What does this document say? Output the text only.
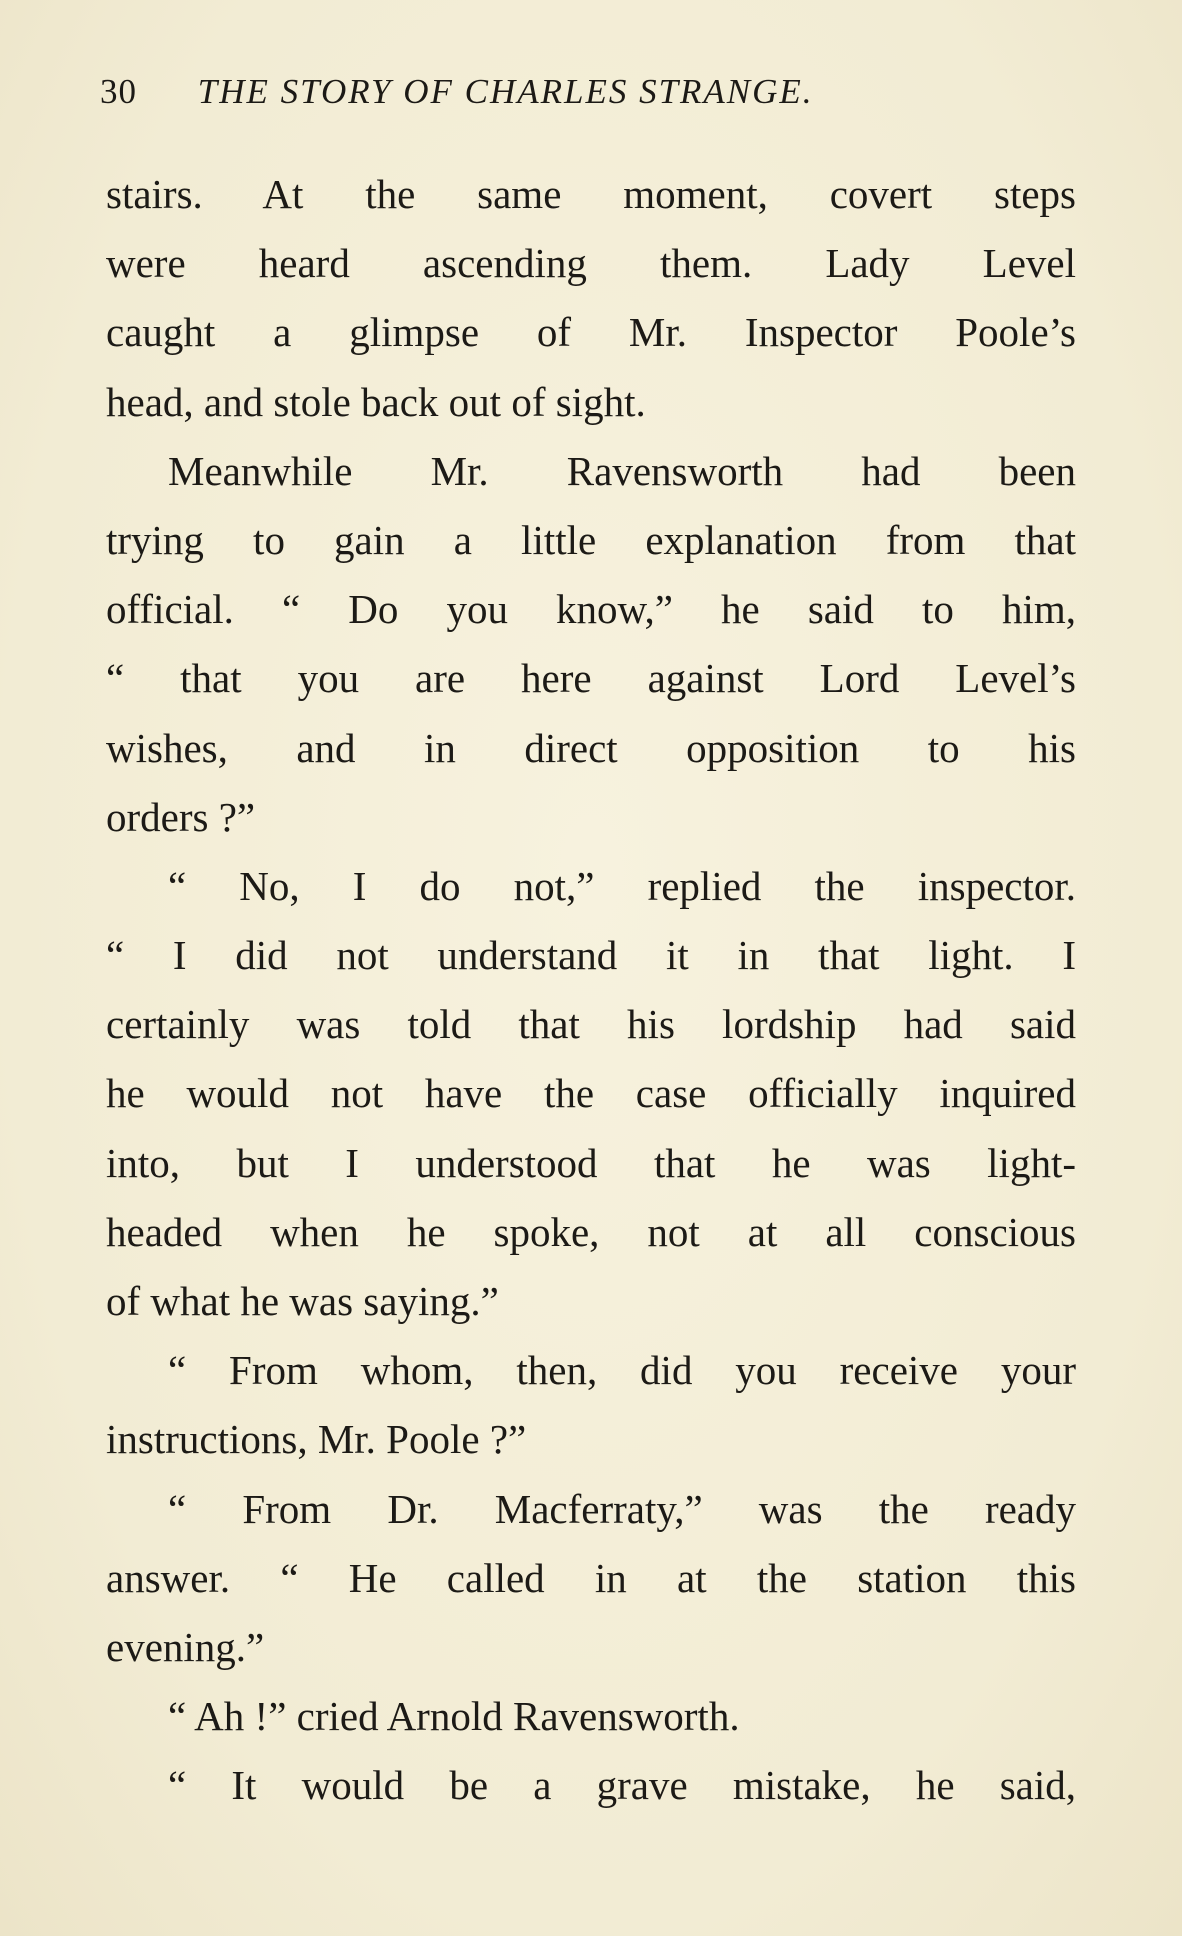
30 THE STORY OF CHARLES STRANGE.
stairs. At the same moment, covert steps
were heard ascending them. Lady Level
caught a glimpse of Mr. Inspector Poole’s
head, and stole back out of sight.
Meanwhile Mr. Ravensworth had been
trying to gain a little explanation from that
official. “ Do you know,” he said to him,
“ that you are here against Lord Level’s
wishes, and in direct opposition to his
orders ?”
“ No, I do not,” replied the inspector.
“ I did not understand it in that light. I
certainly was told that his lordship had said
he would not have the case officially inquired
into, but I understood that he was light-
headed when he spoke, not at all conscious
of what he was saying.”
“ From whom, then, did you receive your
instructions, Mr. Poole ?”
“ From Dr. Macferraty,” was the ready
answer. “ He called in at the station this
evening.”
“ Ah !” cried Arnold Ravensworth.
“ It would be a grave mistake, he said,
